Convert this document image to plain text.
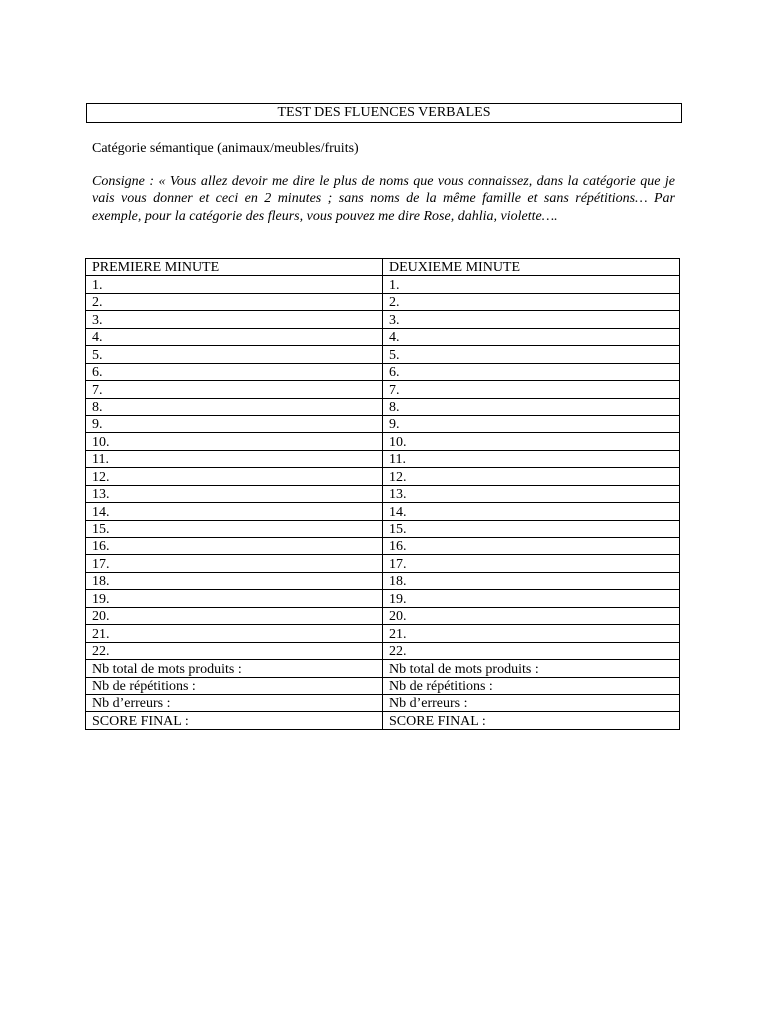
TEST DES FLUENCES VERBALES
Catégorie sémantique (animaux/meubles/fruits)
Consigne : « Vous allez devoir me dire le plus de noms que vous connaissez, dans la catégorie que je vais vous donner et ceci en 2 minutes ; sans noms de la même famille et sans répétitions… Par exemple, pour la catégorie des fleurs, vous pouvez me dire Rose, dahlia, violette….
PREMIERE MINUTE	DEUXIEME MINUTE
1.	1.
2.	2.
3.	3.
4.	4.
5.	5.
6.	6.
7.	7.
8.	8.
9.	9.
10.	10.
11.	11.
12.	12.
13.	13.
14.	14.
15.	15.
16.	16.
17.	17.
18.	18.
19.	19.
20.	20.
21.	21.
22.	22.
Nb total de mots produits :	Nb total de mots produits :
Nb de répétitions :	Nb de répétitions :
Nb d’erreurs :	Nb d’erreurs :
SCORE FINAL :	SCORE FINAL :
